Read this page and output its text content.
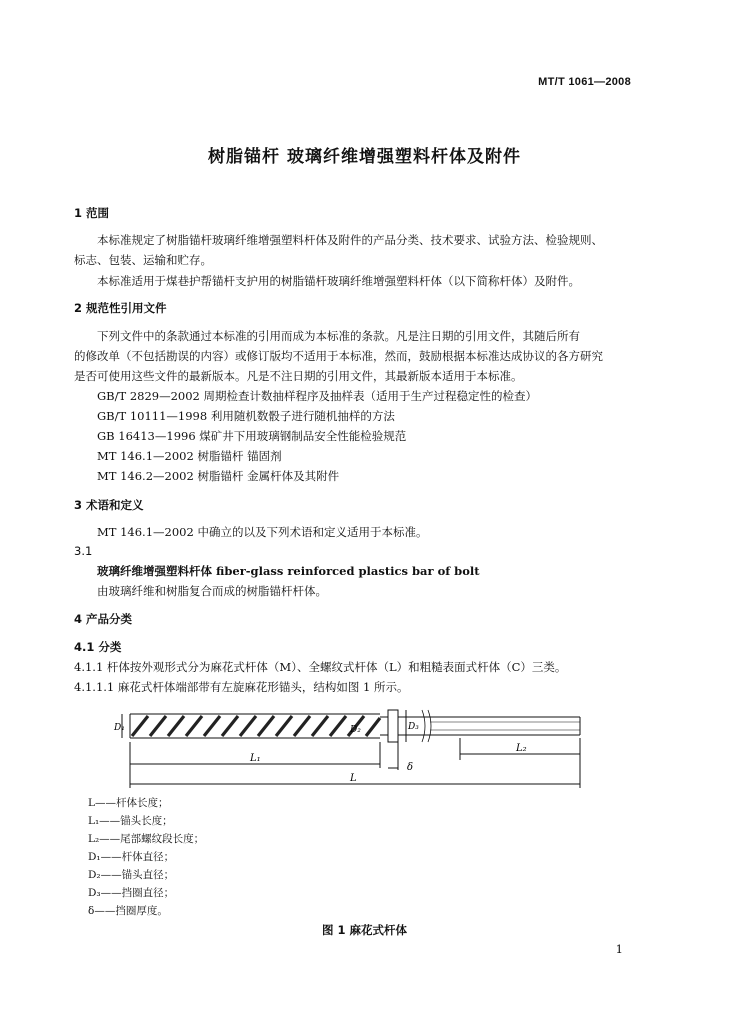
MT/T 1061—2008
树脂锚杆 玻璃纤维增强塑料杆体及附件
1 范围
本标准规定了树脂锚杆玻璃纤维增强塑料杆体及附件的产品分类、技术要求、试验方法、检验规则、
标志、包装、运输和贮存。
本标准适用于煤巷护帮锚杆支护用的树脂锚杆玻璃纤维增强塑料杆体（以下简称杆体）及附件。
2 规范性引用文件
下列文件中的条款通过本标准的引用而成为本标准的条款。凡是注日期的引用文件，其随后所有
的修改单（不包括勘误的内容）或修订版均不适用于本标准，然而，鼓励根据本标准达成协议的各方研究
是否可使用这些文件的最新版本。凡是不注日期的引用文件，其最新版本适用于本标准。
GB/T 2829—2002 周期检查计数抽样程序及抽样表（适用于生产过程稳定性的检查）
GB/T 10111—1998 利用随机数骰子进行随机抽样的方法
GB 16413—1996 煤矿井下用玻璃钢制品安全性能检验规范
MT 146.1—2002 树脂锚杆 锚固剂
MT 146.2—2002 树脂锚杆 金属杆体及其附件
3 术语和定义
MT 146.1—2002 中确立的以及下列术语和定义适用于本标准。
3.1
玻璃纤维增强塑料杆体 fiber-glass reinforced plastics bar of bolt
由玻璃纤维和树脂复合而成的树脂锚杆杆体。
4 产品分类
4.1 分类
4.1.1 杆体按外观形式分为麻花式杆体（M）、全螺纹式杆体（L）和粗糙表面式杆体（C）三类。
4.1.1.1 麻花式杆体端部带有左旋麻花形锚头，结构如图 1 所示。
D₁	D₂	D₃
L₁
L₂
L
δ
L——杆体长度；
L₁——锚头长度；
L₂——尾部螺纹段长度；
D₁——杆体直径；
D₂——锚头直径；
D₃——挡圈直径；
δ——挡圈厚度。
图 1 麻花式杆体
1
